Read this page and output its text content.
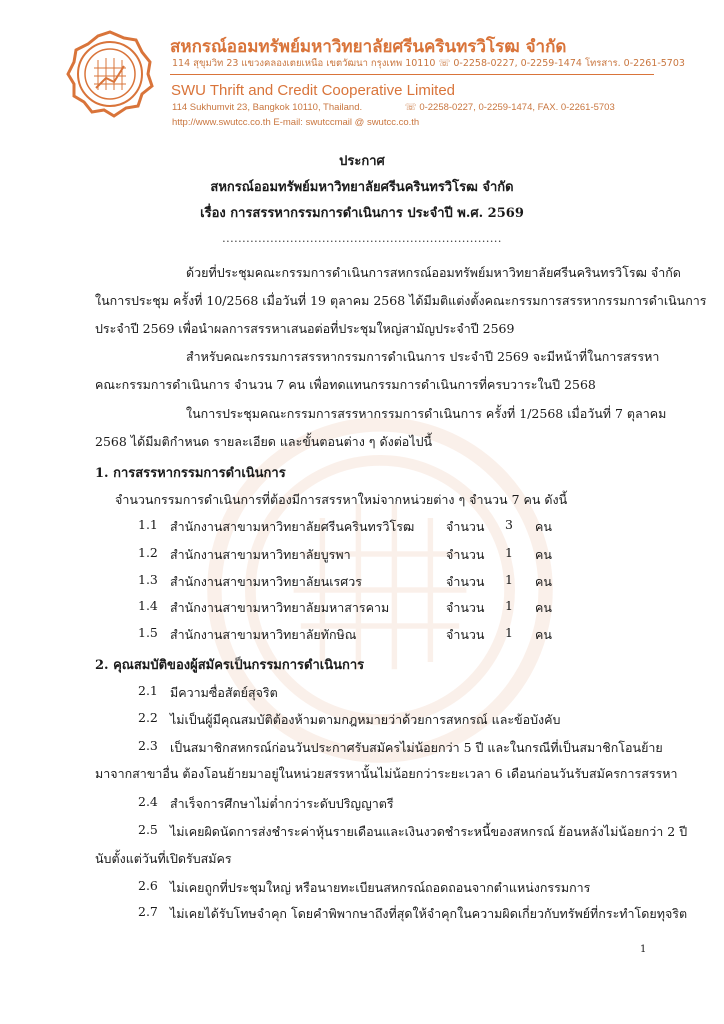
สหกรณ์ออมทรัพย์มหาวิทยาลัยศรีนครินทรวิโรฒ จำกัด
114 สุขุมวิท 23 แขวงคลองเตยเหนือ เขตวัฒนา กรุงเทพ 10110 ☏ 0-2258-0227, 0-2259-1474 โทรสาร. 0-2261-5703
SWU Thrift and Credit Cooperative Limited
114 Sukhumvit 23, Bangkok 10110, Thailand.	☏ 0-2258-0227, 0-2259-1474, FAX. 0-2261-5703
http://www.swutcc.co.th E-mail: swutccmail @ swutcc.co.th
ประกาศ
สหกรณ์ออมทรัพย์มหาวิทยาลัยศรีนครินทรวิโรฒ จำกัด
เรื่อง การสรรหากรรมการดำเนินการ ประจำปี พ.ศ. 2569
......................................................................
ด้วยที่ประชุมคณะกรรมการดำเนินการสหกรณ์ออมทรัพย์มหาวิทยาลัยศรีนครินทรวิโรฒ จำกัด
ในการประชุม ครั้งที่ 10/2568 เมื่อวันที่ 19 ตุลาคม 2568 ได้มีมติแต่งตั้งคณะกรรมการสรรหากรรมการดำเนินการ
ประจำปี 2569 เพื่อนำผลการสรรหาเสนอต่อที่ประชุมใหญ่สามัญประจำปี 2569
สำหรับคณะกรรมการสรรหากรรมการดำเนินการ ประจำปี 2569 จะมีหน้าที่ในการสรรหา
คณะกรรมการดำเนินการ จำนวน 7 คน เพื่อทดแทนกรรมการดำเนินการที่ครบวาระในปี 2568
ในการประชุมคณะกรรมการสรรหากรรมการดำเนินการ ครั้งที่ 1/2568 เมื่อวันที่ 7 ตุลาคม
2568 ได้มีมติกำหนด รายละเอียด และขั้นตอนต่าง ๆ ดังต่อไปนี้
1. การสรรหากรรมการดำเนินการ
จำนวนกรรมการดำเนินการที่ต้องมีการสรรหาใหม่จากหน่วยต่าง ๆ จำนวน 7 คน ดังนี้
1.1 สำนักงานสาขามหาวิทยาลัยศรีนครินทรวิโรฒ	จำนวน 3 คน
1.2 สำนักงานสาขามหาวิทยาลัยบูรพา	จำนวน 1 คน
1.3 สำนักงานสาขามหาวิทยาลัยนเรศวร	จำนวน 1 คน
1.4 สำนักงานสาขามหาวิทยาลัยมหาสารคาม	จำนวน 1 คน
1.5 สำนักงานสาขามหาวิทยาลัยทักษิณ	จำนวน 1 คน
2. คุณสมบัติของผู้สมัครเป็นกรรมการดำเนินการ
2.1 มีความซื่อสัตย์สุจริต
2.2 ไม่เป็นผู้มีคุณสมบัติต้องห้ามตามกฎหมายว่าด้วยการสหกรณ์ และข้อบังคับ
2.3 เป็นสมาชิกสหกรณ์ก่อนวันประกาศรับสมัครไม่น้อยกว่า 5 ปี และในกรณีที่เป็นสมาชิกโอนย้าย
มาจากสาขาอื่น ต้องโอนย้ายมาอยู่ในหน่วยสรรหานั้นไม่น้อยกว่าระยะเวลา 6 เดือนก่อนวันรับสมัครการสรรหา
2.4 สำเร็จการศึกษาไม่ต่ำกว่าระดับปริญญาตรี
2.5 ไม่เคยผิดนัดการส่งชำระค่าหุ้นรายเดือนและเงินงวดชำระหนี้ของสหกรณ์ ย้อนหลังไม่น้อยกว่า 2 ปี
นับตั้งแต่วันที่เปิดรับสมัคร
2.6 ไม่เคยถูกที่ประชุมใหญ่ หรือนายทะเบียนสหกรณ์ถอดถอนจากตำแหน่งกรรมการ
2.7 ไม่เคยได้รับโทษจำคุก โดยคำพิพากษาถึงที่สุดให้จำคุกในความผิดเกี่ยวกับทรัพย์ที่กระทำโดยทุจริต
1
